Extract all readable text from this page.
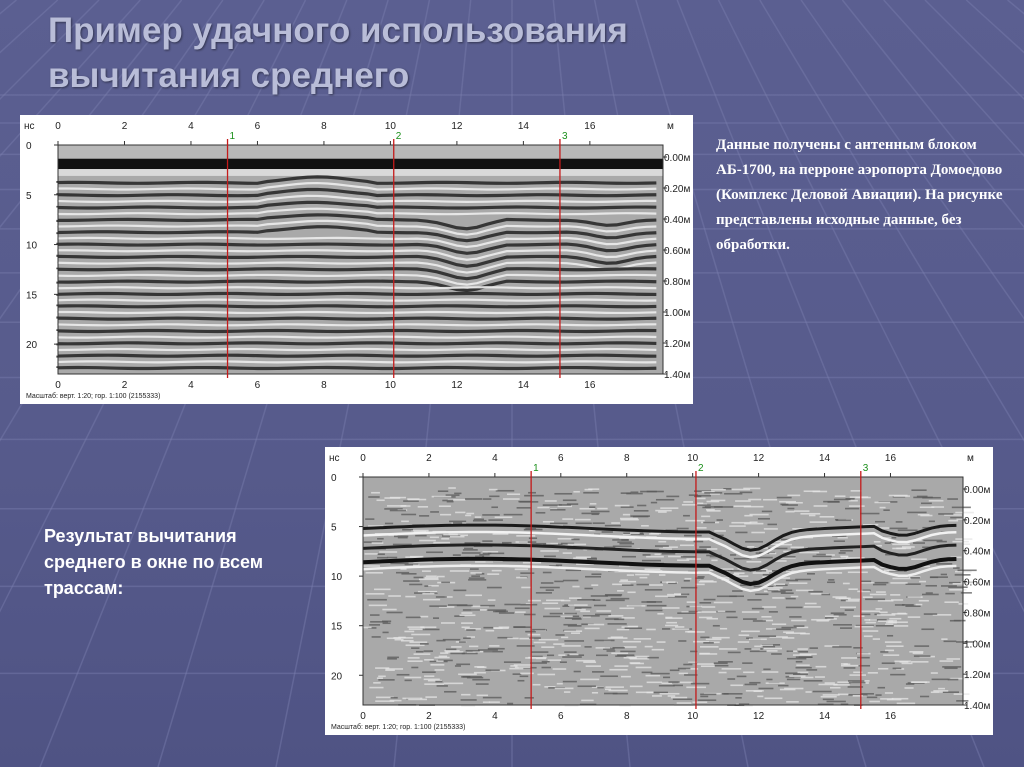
Пример удачного использования
вычитания среднего
1	2	3
0
0
2
2
4
4
6
6
8
8
10
10
12
12
14
14
16
16
м
0
5
10
15
20
нс
0.00м
0.20м
0.40м
0.60м
0.80м
1.00м
1.20м
1.40м
Масштаб: верт. 1:20; гор. 1:100 (2155333)
Данные получены с антенным блоком АБ-1700, на перроне аэропорта Домоедово (Комплекс Деловой Авиации). На рисунке представлены исходные данные, без обработки.
Результат вычитания среднего в окне по всем трассам:
1	2	3
0
0
2
2
4
4
6
6
8
8
10
10
12
12
14
14
16
16
м
0
5
10
15
20
нс
0.00м
0.20м
0.40м
0.60м
0.80м
1.00м
1.20м
1.40м
Масштаб: верт. 1:20; гор. 1:100 (2155333)
